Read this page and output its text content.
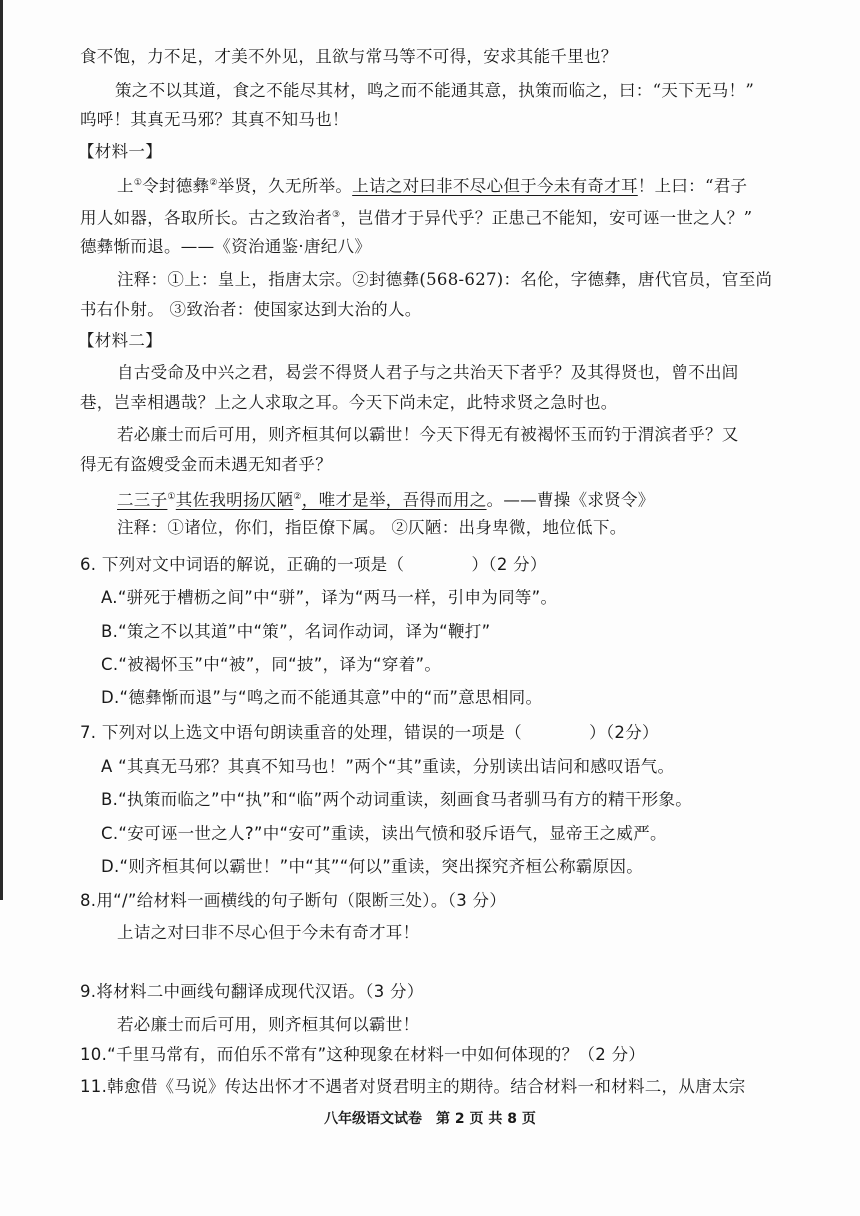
食不饱，力不足，才美不外见，且欲与常马等不可得，安求其能千里也？
策之不以其道，食之不能尽其材，鸣之而不能通其意，执策而临之，曰：“天下无马！”
呜呼！其真无马邪？其真不知马也！
【材料一】
上①令封德彝②举贤，久无所举。上诘之对曰非不尽心但于今未有奇才耳！上曰：“君子
用人如器，各取所长。古之致治者③，岂借才于异代乎？正患己不能知，安可诬一世之人？”
德彝惭而退。——《资治通鉴·唐纪八》
注释：①上：皇上，指唐太宗。②封德彝(568-627)：名伦，字德彝，唐代官员，官至尚
书右仆射。 ③致治者：使国家达到大治的人。
【材料二】
自古受命及中兴之君，曷尝不得贤人君子与之共治天下者乎？及其得贤也，曾不出闾
巷，岂幸相遇哉？上之人求取之耳。今天下尚未定，此特求贤之急时也。
若必廉士而后可用，则齐桓其何以霸世！今天下得无有被褐怀玉而钓于渭滨者乎？又
得无有盗嫂受金而未遇无知者乎？
二三子①其佐我明扬仄陋②，唯才是举，吾得而用之。——曹操《求贤令》
注释：①诸位，你们，指臣僚下属。 ②仄陋：出身卑微，地位低下。
6. 下列对文中词语的解说，正确的一项是（　　　　）（2 分）
A.“骈死于槽枥之间”中“骈”，译为“两马一样，引申为同等”。
B.“策之不以其道”中“策”，名词作动词，译为“鞭打”
C.“被褐怀玉”中“被”，同“披”，译为“穿着”。
D.“德彝惭而退”与“鸣之而不能通其意”中的“而”意思相同。
7. 下列对以上选文中语句朗读重音的处理，错误的一项是（　　　　）（2分）
A “其真无马邪？其真不知马也！”两个“其”重读，分别读出诘问和感叹语气。
B.“执策而临之”中“执”和“临”两个动词重读，刻画食马者驯马有方的精干形象。
C.“安可诬一世之人?”中“安可”重读，读出气愤和驳斥语气，显帝王之威严。
D.“则齐桓其何以霸世！”中“其”“何以”重读，突出探究齐桓公称霸原因。
8.用“/”给材料一画横线的句子断句（限断三处）。（3 分）
上诘之对曰非不尽心但于今未有奇才耳！
9.将材料二中画线句翻译成现代汉语。（3 分）
若必廉士而后可用，则齐桓其何以霸世！
10.“千里马常有，而伯乐不常有”这种现象在材料一中如何体现的？（2 分）
11.韩愈借《马说》传达出怀才不遇者对贤君明主的期待。结合材料一和材料二，从唐太宗
八年级语文试卷　第 2 页 共 8 页
